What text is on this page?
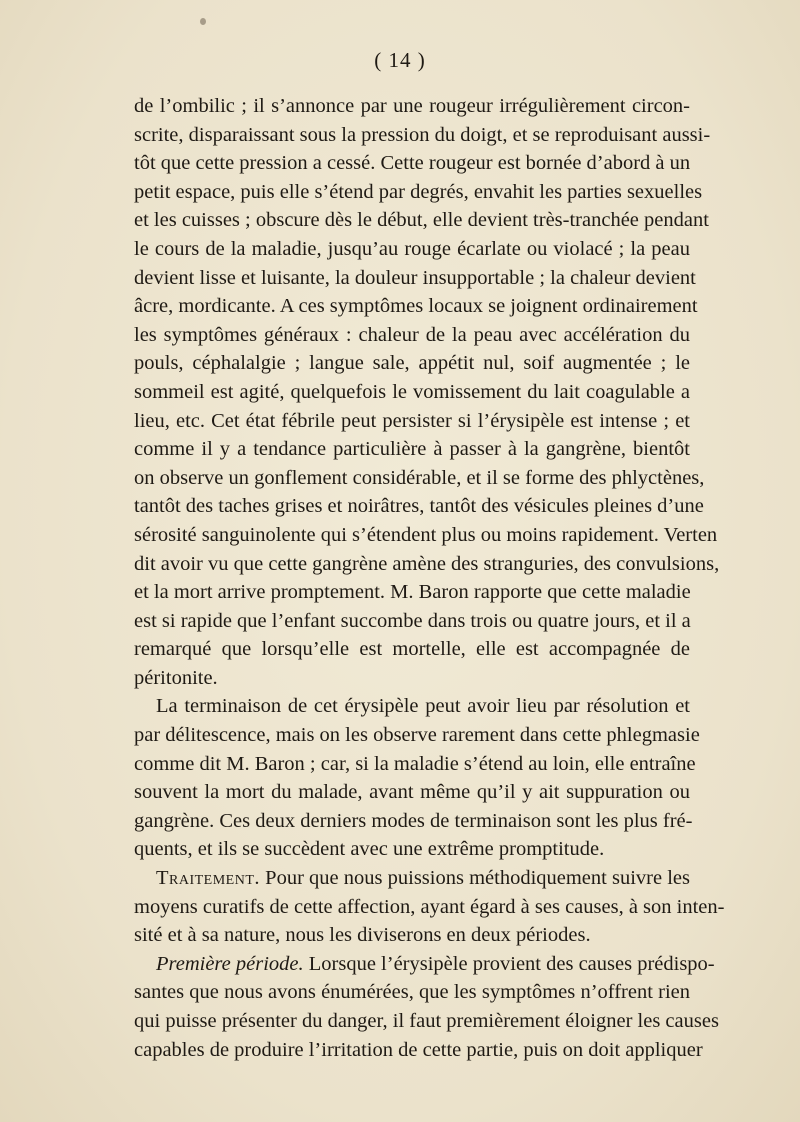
( 14 )
de l’ombilic ; il s’annonce par une rougeur irrégulièrement circon-
scrite, disparaissant sous la pression du doigt, et se reproduisant aussi-
tôt que cette pression a cessé. Cette rougeur est bornée d’abord à un
petit espace, puis elle s’étend par degrés, envahit les parties sexuelles
et les cuisses ; obscure dès le début, elle devient très-tranchée pendant
le cours de la maladie, jusqu’au rouge écarlate ou violacé ; la peau
devient lisse et luisante, la douleur insupportable ; la chaleur devient
âcre, mordicante. A ces symptômes locaux se joignent ordinairement
les symptômes généraux : chaleur de la peau avec accélération du
pouls, céphalalgie ; langue sale, appétit nul, soif augmentée ; le
sommeil est agité, quelquefois le vomissement du lait coagulable a
lieu, etc. Cet état fébrile peut persister si l’érysipèle est intense ; et
comme il y a tendance particulière à passer à la gangrène, bientôt
on observe un gonflement considérable, et il se forme des phlyctènes,
tantôt des taches grises et noirâtres, tantôt des vésicules pleines d’une
sérosité sanguinolente qui s’étendent plus ou moins rapidement. Verten
dit avoir vu que cette gangrène amène des stranguries, des convulsions,
et la mort arrive promptement. M. Baron rapporte que cette maladie
est si rapide que l’enfant succombe dans trois ou quatre jours, et il a
remarqué que lorsqu’elle est mortelle, elle est accompagnée de
péritonite.
La terminaison de cet érysipèle peut avoir lieu par résolution et
par délitescence, mais on les observe rarement dans cette phlegmasie
comme dit M. Baron ; car, si la maladie s’étend au loin, elle entraîne
souvent la mort du malade, avant même qu’il y ait suppuration ou
gangrène. Ces deux derniers modes de terminaison sont les plus fré-
quents, et ils se succèdent avec une extrême promptitude.
Traitement. Pour que nous puissions méthodiquement suivre les
moyens curatifs de cette affection, ayant égard à ses causes, à son inten-
sité et à sa nature, nous les diviserons en deux périodes.
Première période. Lorsque l’érysipèle provient des causes prédispo-
santes que nous avons énumérées, que les symptômes n’offrent rien
qui puisse présenter du danger, il faut premièrement éloigner les causes
capables de produire l’irritation de cette partie, puis on doit appliquer
